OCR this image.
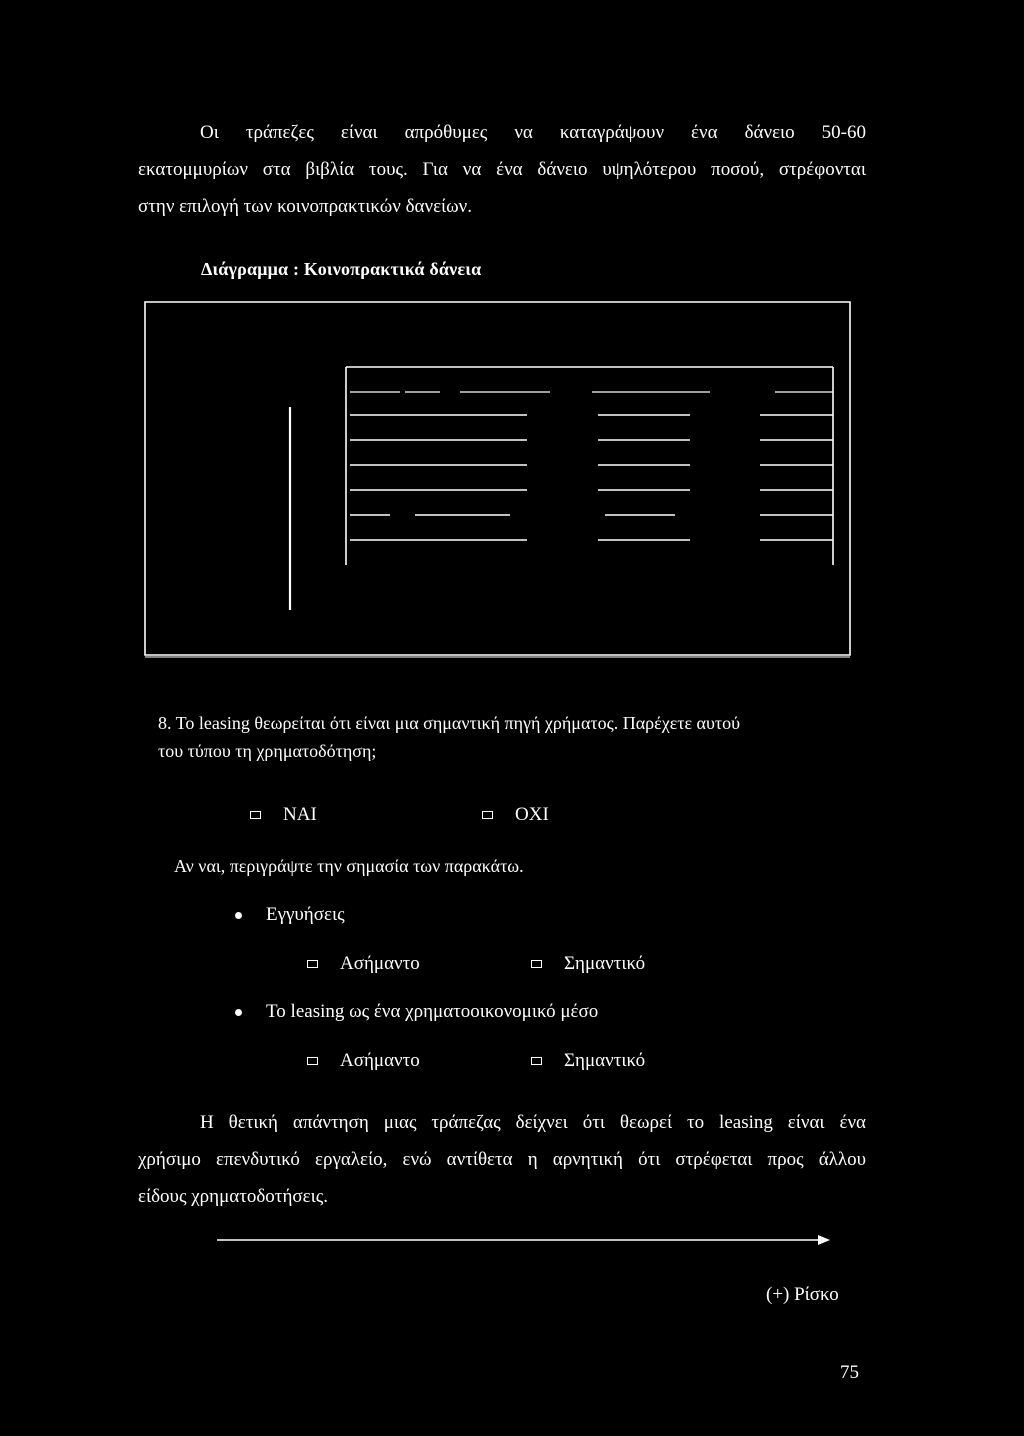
Οι τράπεζες είναι απρόθυμες να καταγράψουν ένα δάνειο 50-60
εκατομμυρίων στα βιβλία τους. Για να ένα δάνειο υψηλότερου ποσού, στρέφονται
στην επιλογή των κοινοπρακτικών δανείων.
Διάγραμμα : Κοινοπρακτικά δάνεια
8. Το leasing θεωρείται ότι είναι μια σημαντική πηγή χρήματος. Παρέχετε αυτού
του τύπου τη χρηματοδότηση;
ΝΑΙ	ΟΧΙ
Αν ναι, περιγράψτε την σημασία των παρακάτω.
Εγγυήσεις
Ασήμαντο	Σημαντικό
Το leasing ως ένα χρηματοοικονομικό μέσο
Ασήμαντο	Σημαντικό
Η θετική απάντηση μιας τράπεζας δείχνει ότι θεωρεί το leasing είναι ένα
χρήσιμο επενδυτικό εργαλείο, ενώ αντίθετα η αρνητική ότι στρέφεται προς άλλου
είδους χρηματοδοτήσεις.
(+) Ρίσκο
75
